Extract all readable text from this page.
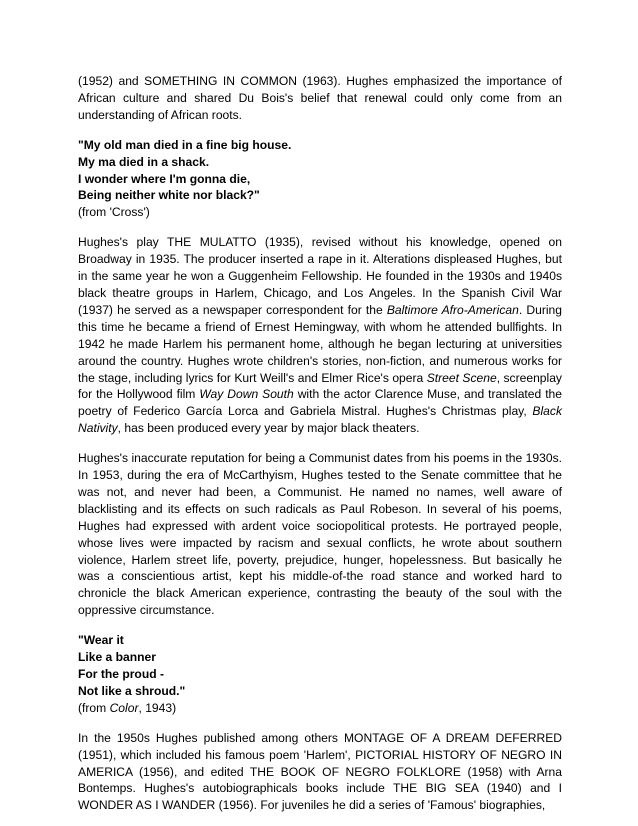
(1952) and SOMETHING IN COMMON (1963). Hughes emphasized the importance of African culture and shared Du Bois's belief that renewal could only come from an understanding of African roots.

"My old man died in a fine big house.

My ma died in a shack.

I wonder where I'm gonna die,

Being neither white nor black?"

(from 'Cross')

Hughes's play THE MULATTO (1935), revised without his knowledge, opened on Broadway in 1935. The producer inserted a rape in it. Alterations displeased Hughes, but in the same year he won a Guggenheim Fellowship. He founded in the 1930s and 1940s black theatre groups in Harlem, Chicago, and Los Angeles. In the Spanish Civil War (1937) he served as a newspaper correspondent for the Baltimore Afro-American. During this time he became a friend of Ernest Hemingway, with whom he attended bullfights. In 1942 he made Harlem his permanent home, although he began lecturing at universities around the country. Hughes wrote children's stories, non-fiction, and numerous works for the stage, including lyrics for Kurt Weill's and Elmer Rice's opera Street Scene, screenplay for the Hollywood film Way Down South with the actor Clarence Muse, and translated the poetry of Federico García Lorca and Gabriela Mistral. Hughes's Christmas play, Black Nativity, has been produced every year by major black theaters.

Hughes's inaccurate reputation for being a Communist dates from his poems in the 1930s. In 1953, during the era of McCarthyism, Hughes tested to the Senate committee that he was not, and never had been, a Communist. He named no names, well aware of blacklisting and its effects on such radicals as Paul Robeson. In several of his poems, Hughes had expressed with ardent voice sociopolitical protests. He portrayed people, whose lives were impacted by racism and sexual conflicts, he wrote about southern violence, Harlem street life, poverty, prejudice, hunger, hopelessness. But basically he was a conscientious artist, kept his middle-of-the road stance and worked hard to chronicle the black American experience, contrasting the beauty of the soul with the oppressive circumstance.

"Wear it

Like a banner

For the proud -

Not like a shroud."

(from Color, 1943)

In the 1950s Hughes published among others MONTAGE OF A DREAM DEFERRED (1951), which included his famous poem 'Harlem', PICTORIAL HISTORY OF NEGRO IN AMERICA (1956), and edited THE BOOK OF NEGRO FOLKLORE (1958) with Arna Bontemps. Hughes's autobiographicals books include THE BIG SEA (1940) and I WONDER AS I WANDER (1956). For juveniles he did a series of 'Famous' biographies,
